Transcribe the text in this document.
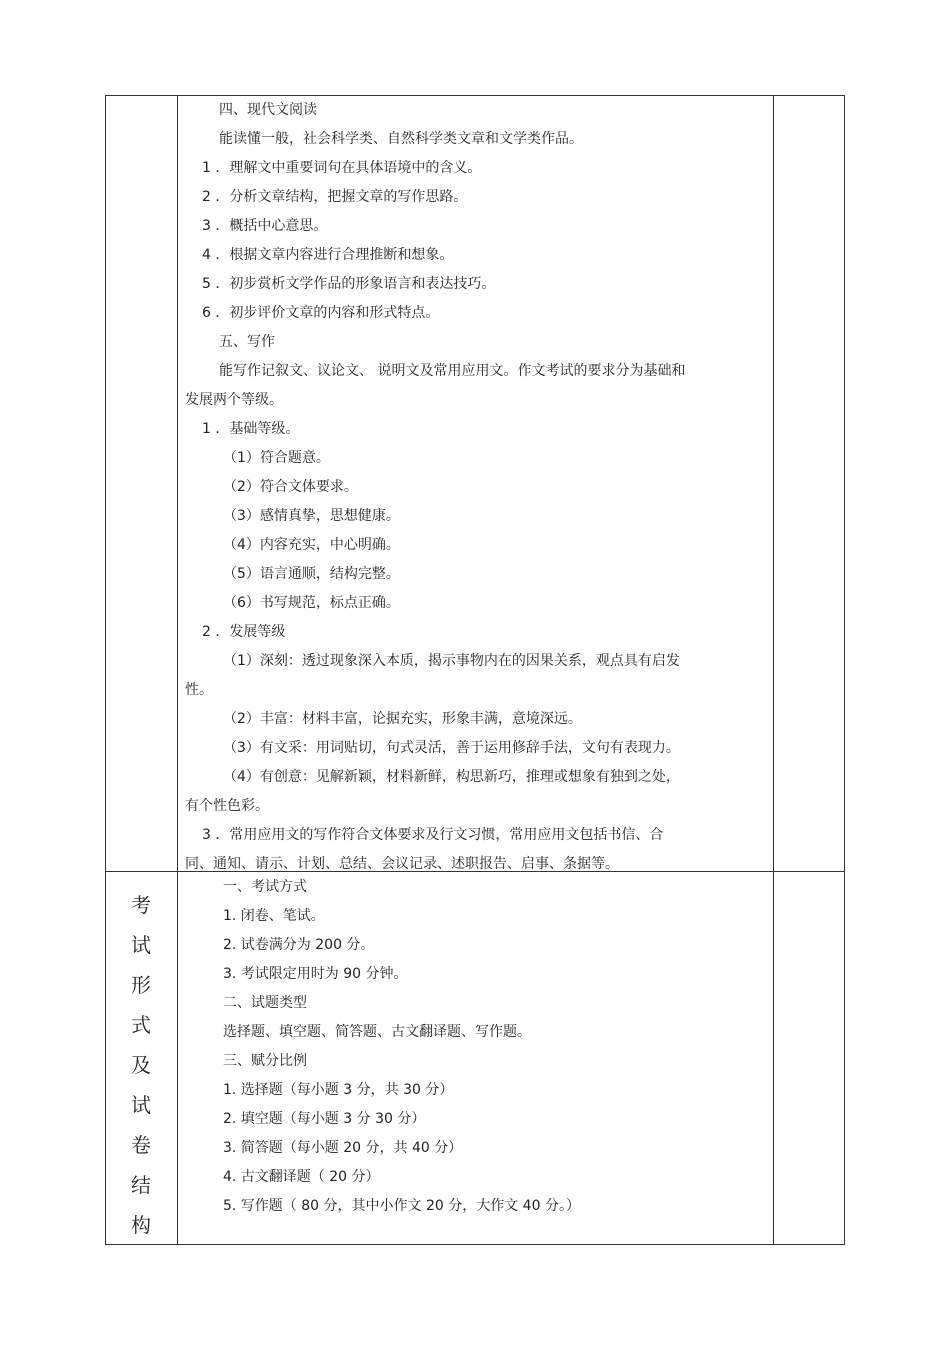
四、现代文阅读
能读懂一般，社会科学类、自然科学类文章和文学类作品。
1 ．理解文中重要词句在具体语境中的含义。
2 ．分析文章结构，把握文章的写作思路。
3 ．概括中心意思。
4 ．根据文章内容进行合理推断和想象。
5 ．初步赏析文学作品的形象语言和表达技巧。
6 ．初步评价文章的内容和形式特点。
五、写作
能写作记叙文、议论文、 说明文及常用应用文。作文考试的要求分为基础和
发展两个等级。
1 ．基础等级。
（1）符合题意。
（2）符合文体要求。
（3）感情真挚，思想健康。
（4）内容充实，中心明确。
（5）语言通顺，结构完整。
（6）书写规范，标点正确。
2 ．发展等级
（1）深刻：透过现象深入本质，揭示事物内在的因果关系，观点具有启发
性。
（2）丰富：材料丰富，论据充实，形象丰满，意境深远。
（3）有文采：用词贴切，句式灵活，善于运用修辞手法，文句有表现力。
（4）有创意：见解新颖，材料新鲜，构思新巧，推理或想象有独到之处，
有个性色彩。
3 ．常用应用文的写作符合文体要求及行文习惯，常用应用文包括书信、合
同、通知、请示、计划、总结、会议记录、述职报告、启事、条据等。
考
试
形
式
及
试
卷
结
构
一、考试方式
1. 闭卷、笔试。
2. 试卷满分为 200 分。
3. 考试限定用时为 90 分钟。
二、试题类型
选择题、填空题、简答题、古文翻译题、写作题。
三、赋分比例
1. 选择题（每小题 3 分，共 30 分）
2. 填空题（每小题 3 分 30 分）
3. 简答题（每小题 20 分，共 40 分）
4. 古文翻译题（ 20 分）
5. 写作题（ 80 分，其中小作文 20 分，大作文 40 分。）
